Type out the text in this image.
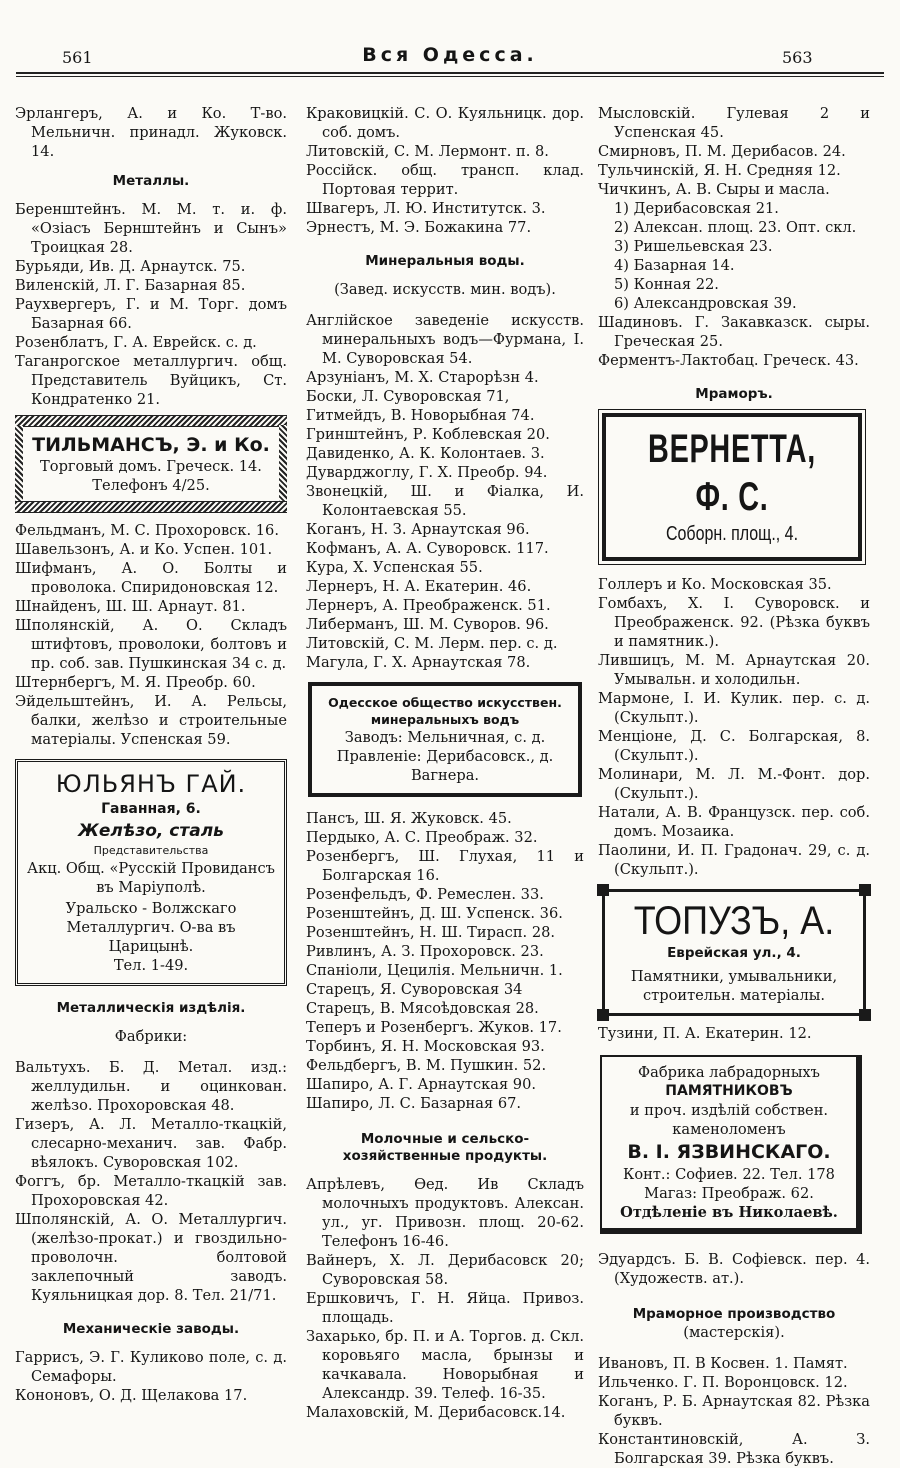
561	Вся Одесса.	563
Эрлангеръ, А. и Ко. Т-во. Мельничн. принадл. Жуковск. 14.
Металлы.
Беренштейнъ. М. М. т. и. ф. «Озіасъ Бернштейнъ и Сынъ» Троицкая 28.
Бурьяди, Ив. Д. Арнаутск. 75.
Виленскій, Л. Г. Базарная 85.
Раухвергеръ, Г. и М. Торг. домъ Базарная 66.
Розенблатъ, Г. А. Еврейск. с. д.
Таганрогское металлургич. общ. Представитель Вуйцикъ, Ст. Кондратенко 21.
ТИЛЬМАНСЪ, Э. и Ко.
Торговый домъ. Греческ. 14.
Телефонъ 4/25.
Фельдманъ, М. С. Прохоровск. 16.
Шавельзонъ, А. и Ко. Успен. 101.
Шифманъ, А. О. Болты и проволока. Спиридоновская 12.
Шнайденъ, Ш. Ш. Арнаут. 81.
Шполянскій, А. О. Складъ штифтовъ, проволоки, болтовъ и пр. соб. зав. Пушкинская 34 с. д.
Штернбергъ, М. Я. Преобр. 60.
Эйдельштейнъ, И. А. Рельсы, балки, желѣзо и строительные матеріалы. Успенская 59.
ЮЛЬЯНЪ ГАЙ.
Гаванная, 6.
Желѣзо, сталь
Представительства
Акц. Общ. «Русскій Провидансъ въ Маріуполѣ.
Уральско - Волжскаго Металлургич. О-ва въ Царицынѣ.
Тел. 1-49.
Металлическія издѣлія.
Фабрики:
Вальтухъ. Б. Д. Метал. изд.: желлудильн. и оцинкован. желѣзо. Прохоровская 48.
Гизеръ, А. Л. Металло-ткацкій, слесарно-механич. зав. Фабр. вѣялокъ. Суворовская 102.
Фоггъ, бр. Металло-ткацкій зав. Прохоровская 42.
Шполянскій, А. О. Металлургич. (желѣзо-прокат.) и гвоздильно-проволочн. болтовой заклепочный заводъ. Куяльницкая дор. 8. Тел. 21/71.
Механическіе заводы.
Гаррисъ, Э. Г. Куликово поле, с. д. Семафоры.
Кононовъ, О. Д. Щелакова 17.
Краковицкій. С. О. Куяльницк. дор. соб. домъ.
Литовскій, С. М. Лермонт. п. 8.
Россійск. общ. трансп. клад. Портовая террит.
Швагеръ, Л. Ю. Институтск. 3.
Эрнестъ, М. Э. Божакина 77.
Минеральныя воды.
(Завед. искусств. мин. водъ).
Англійское заведеніе искусств. минеральныхъ водъ—Фурмана, I. М. Суворовская 54.
Арзуніанъ, М. Х. Старорѣзн 4.
Боски, Л. Суворовская 71,
Гитмейдъ, В. Новорыбная 74.
Гринштейнъ, Р. Коблевская 20.
Давиденко, А. К. Колонтаев. 3.
Дуварджоглу, Г. Х. Преобр. 94.
Звонецкій, Ш. и Фіалка, И. Колонтаевская 55.
Коганъ, Н. З. Арнаутская 96.
Кофманъ, А. А. Суворовск. 117.
Кура, Х. Успенская 55.
Лернеръ, Н. А. Екатерин. 46.
Лернеръ, А. Преображенск. 51.
Либерманъ, Ш. М. Суворов. 96.
Литовскій, С. М. Лерм. пер. с. д.
Магула, Г. Х. Арнаутская 78.
Одесское общество искусствен. минеральныхъ водъ
Заводъ: Мельничная, с. д.
Правленіе: Дерибасовск., д. Вагнера.
Пансъ, Ш. Я. Жуковск. 45.
Пердыко, А. С. Преображ. 32.
Розенбергъ, Ш. Глухая, 11 и Болгарская 16.
Розенфельдъ, Ф. Ремеслен. 33.
Розенштейнъ, Д. Ш. Успенск. 36.
Розенштейнъ, Н. Ш. Тирасп. 28.
Ривлинъ, А. З. Прохоровск. 23.
Спаніоли, Цецилія. Мельничн. 1.
Старецъ, Я. Суворовская 34
Старецъ, В. Мясоѣдовская 28.
Теперъ и Розенбергъ. Жуков. 17.
Торбинъ, Я. Н. Московская 93.
Фельдбергъ, В. М. Пушкин. 52.
Шапиро, А. Г. Арнаутская 90.
Шапиро, Л. С. Базарная 67.
Молочные и сельско-хозяйственные продукты.
Апрѣлевъ, Ѳед. Ив Складъ молочныхъ продуктовъ. Алексан. ул., уг. Привозн. площ. 20-62. Телефонъ 16-46.
Вайнеръ, Х. Л. Дерибасовск 20; Суворовская 58.
Ершковичъ, Г. Н. Яйца. Привоз. площадь.
Захарько, бр. П. и А. Торгов. д. Скл. коровьяго масла, брынзы и качкавала. Новорыбная и Александр. 39. Телеф. 16-35.
Малаховскій, М. Дерибасовск.14.
Мысловскій. Гулевая 2 и Успенская 45.
Смирновъ, П. М. Дерибасов. 24.
Тульчинскій, Я. Н. Средняя 12.
Чичкинъ, А. В. Сыры и масла.
1) Дерибасовская 21.
2) Алексан. площ. 23. Опт. скл.
3) Ришельевская 23.
4) Базарная 14.
5) Конная 22.
6) Александровская 39.
Шадиновъ. Г. Закавказск. сыры. Греческая 25.
Ферментъ-Лактобац. Греческ. 43.
Мраморъ.
ВЕРНЕТТА, Ф. С.
Соборн. площ., 4.
Голлеръ и Ко. Московская 35.
Гомбахъ, Х. I. Суворовск. и Преображенск. 92. (Рѣзка буквъ и памятник.).
Лившицъ, М. М. Арнаутская 20. Умывальн. и холодильн.
Мармоне, I. И. Кулик. пер. с. д. (Скульпт.).
Менціоне, Д. С. Болгарская, 8. (Скульпт.).
Молинари, М. Л. М.-Фонт. дор. (Скульпт.).
Натали, А. В. Французск. пер. соб. домъ. Мозаика.
Паолини, И. П. Градонач. 29, с. д. (Скульпт.).
ТОПУЗЪ, А.
Еврейская ул., 4.
Памятники, умывальники, строительн. матеріалы.
Тузини, П. А. Екатерин. 12.
Фабрика лабрадорныхъ
ПАМЯТНИКОВЪ
и проч. издѣлій собствен. каменоломенъ
В. I. ЯЗВИНСКАГО.
Конт.: Софиев. 22. Тел. 178
Магаз: Преображ. 62.
Отдѣленіе въ Николаевѣ.
Эдуардсъ. Б. В. Софіевск. пер. 4. (Художеств. ат.).
Мраморное производство
(мастерскія).
Ивановъ, П. В Косвен. 1. Памят.
Ильченко. Г. П. Воронцовск. 12.
Коганъ, Р. Б. Арнаутская 82. Рѣзка буквъ.
Константиновскій, А. З. Болгарская 39. Рѣзка буквъ.
